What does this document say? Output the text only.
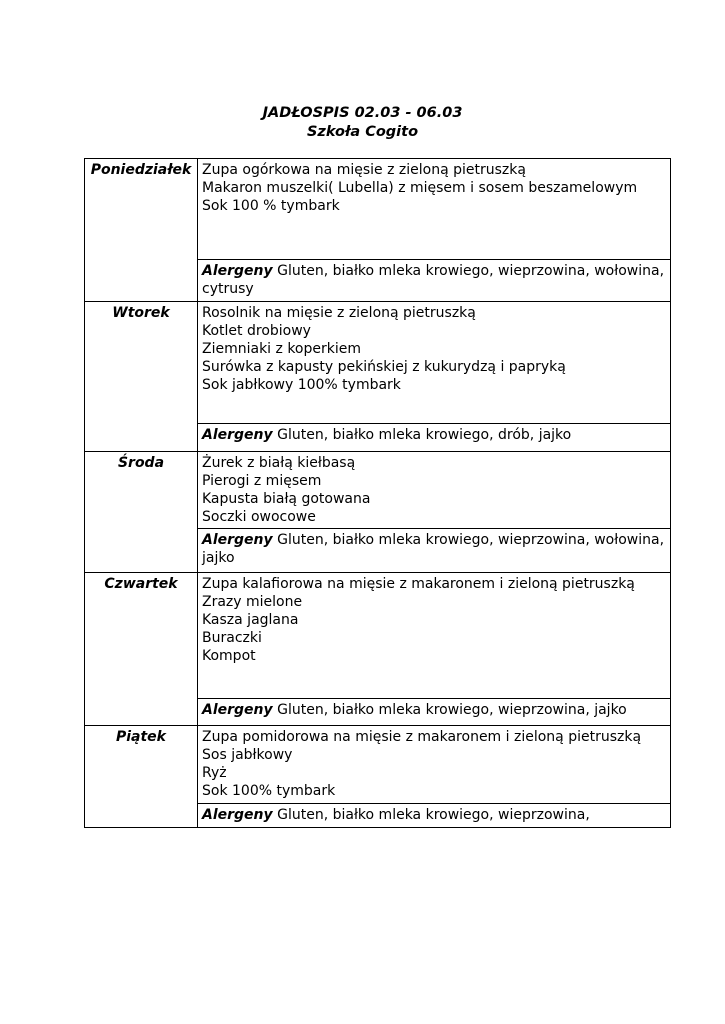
JADŁOSPIS 02.03 - 06.03
Szkoła Cogito
Poniedziałek	Zupa ogórkowa na mięsie z zieloną pietruszką
Makaron muszelki( Lubella) z mięsem i sosem beszamelowym
Sok 100 % tymbark

	Alergeny Gluten, białko mleka krowiego, wieprzowina, wołowina, cytrusy
Wtorek	Rosolnik na mięsie z zieloną pietruszką
Kotlet drobiowy
Ziemniaki z koperkiem
Surówka z kapusty pekińskiej z kukurydzą i papryką
Sok jabłkowy 100% tymbark

	Alergeny Gluten, białko mleka krowiego, drób, jajko
Środa	Żurek z białą kiełbasą
Pierogi z mięsem
Kapusta białą gotowana
Soczki owocowe

	Alergeny Gluten, białko mleka krowiego, wieprzowina, wołowina, jajko
Czwartek	Zupa kalafiorowa na mięsie z makaronem i zieloną pietruszką
Zrazy mielone
Kasza jaglana
Buraczki
Kompot

	Alergeny Gluten, białko mleka krowiego, wieprzowina, jajko
Piątek	Zupa pomidorowa na mięsie z makaronem i zieloną pietruszką
Sos jabłkowy
Ryż
Sok 100% tymbark

	Alergeny Gluten, białko mleka krowiego, wieprzowina,
